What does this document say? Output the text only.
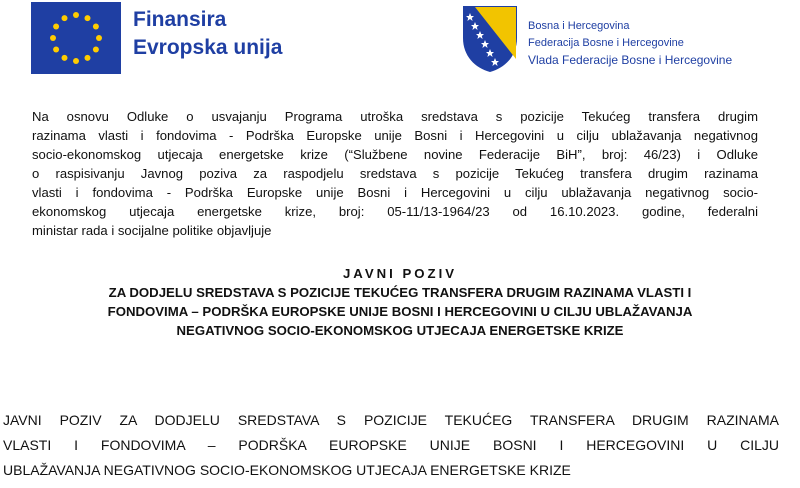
Finansira
Evropska unija
Bosna i Hercegovina
Federacija Bosne i Hercegovine
Vlada Federacije Bosne i Hercegovine
Na osnovu Odluke o usvajanju Programa utroška sredstava s pozicije Tekućeg transfera drugim
razinama vlasti i fondovima - Podrška Europske unije Bosni i Hercegovini u cilju ublažavanja negativnog
socio-ekonomskog utjecaja energetske krize (“Službene novine Federacije BiH”, broj: 46/23) i Odluke
o raspisivanju Javnog poziva za raspodjelu sredstava s pozicije Tekućeg transfera drugim razinama
vlasti i fondovima - Podrška Europske unije Bosni i Hercegovini u cilju ublažavanja negativnog socio-
ekonomskog utjecaja energetske krize, broj: 05-11/13-1964/23 od 16.10.2023. godine, federalni
ministar rada i socijalne politike objavljuje
JAVNI POZIV
ZA DODJELU SREDSTAVA S POZICIJE TEKUĆEG TRANSFERA DRUGIM RAZINAMA VLASTI I
FONDOVIMA – PODRŠKA EUROPSKE UNIJE BOSNI I HERCEGOVINI U CILJU UBLAŽAVANJA
NEGATIVNOG SOCIO-EKONOMSKOG UTJECAJA ENERGETSKE KRIZE
JAVNI POZIV ZA DODJELU SREDSTAVA S POZICIJE TEKUĆEG TRANSFERA DRUGIM RAZINAMA
VLASTI I FONDOVIMA – PODRŠKA EUROPSKE UNIJE BOSNI I HERCEGOVINI U CILJU
UBLAŽAVANJA NEGATIVNOG SOCIO-EKONOMSKOG UTJECAJA ENERGETSKE KRIZE
